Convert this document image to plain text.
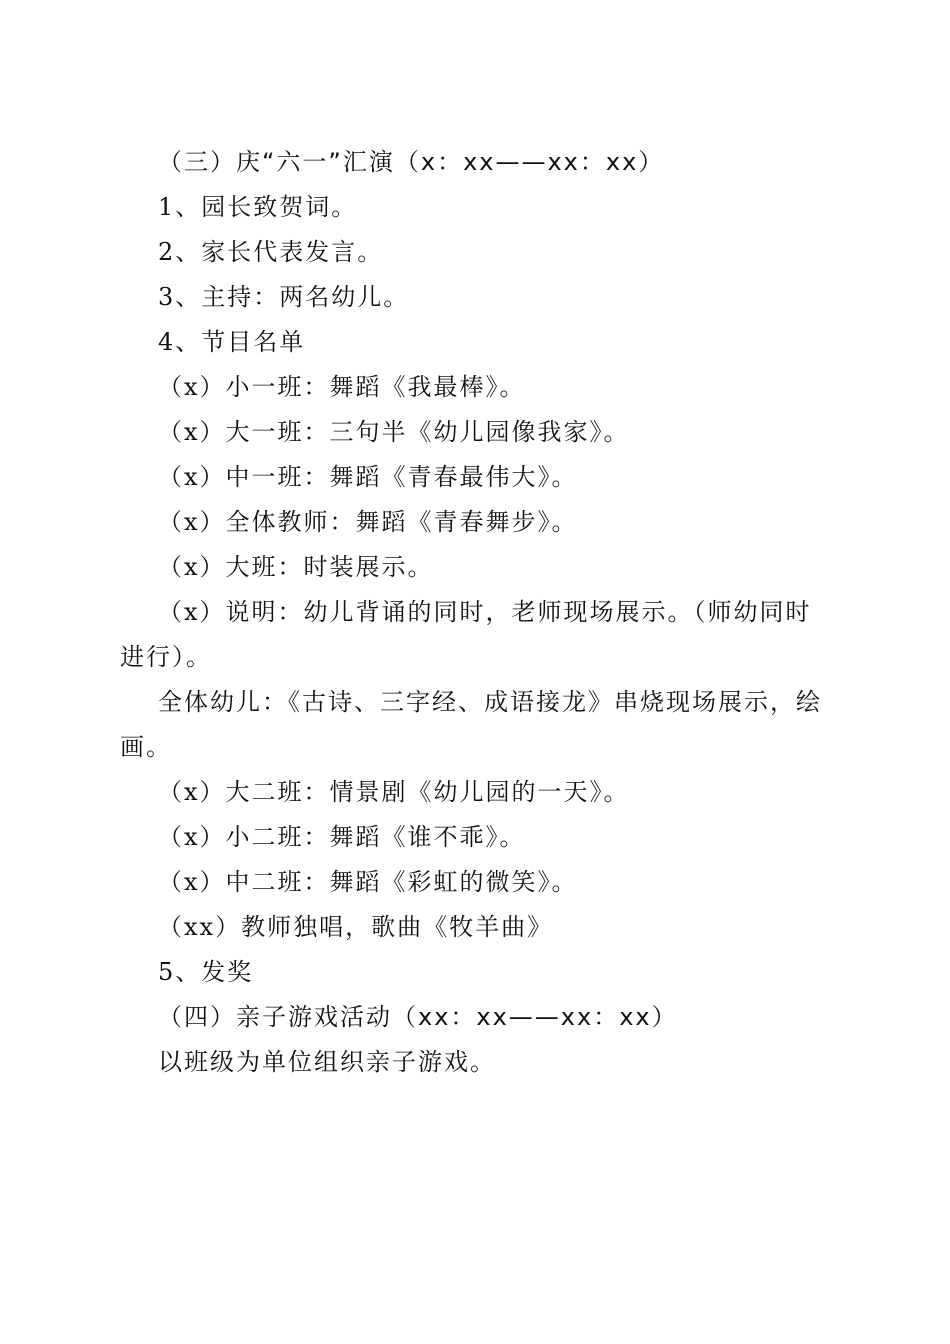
（三）庆“六一”汇演（x：xx——xx：xx）

1、园长致贺词。

2、家长代表发言。

3、主持：两名幼儿。

4、节目名单

（x）小一班：舞蹈《我最棒》。

（x）大一班：三句半《幼儿园像我家》。

（x）中一班：舞蹈《青春最伟大》。

（x）全体教师：舞蹈《青春舞步》。

（x）大班：时装展示。

（x）说明：幼儿背诵的同时，老师现场展示。（师幼同时进行）。

全体幼儿：《古诗、三字经、成语接龙》串烧现场展示，绘画。

（x）大二班：情景剧《幼儿园的一天》。

（x）小二班：舞蹈《谁不乖》。

（x）中二班：舞蹈《彩虹的微笑》。

（xx）教师独唱，歌曲《牧羊曲》

5、发奖

（四）亲子游戏活动（xx：xx——xx：xx）

以班级为单位组织亲子游戏。
